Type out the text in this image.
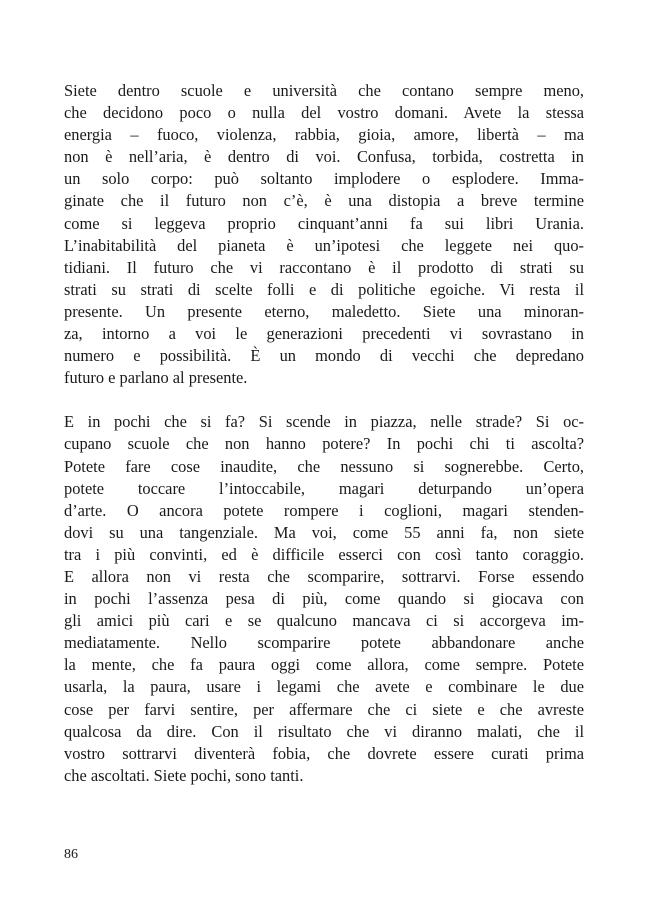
Siete dentro scuole e università che contano sempre meno,
che decidono poco o nulla del vostro domani. Avete la stessa
energia – fuoco, violenza, rabbia, gioia, amore, libertà – ma
non è nell’aria, è dentro di voi. Confusa, torbida, costretta in
un solo corpo: può soltanto implodere o esplodere. Imma-
ginate che il futuro non c’è, è una distopia a breve termine
come si leggeva proprio cinquant’anni fa sui libri Urania.
L’inabitabilità del pianeta è un’ipotesi che leggete nei quo-
tidiani. Il futuro che vi raccontano è il prodotto di strati su
strati su strati di scelte folli e di politiche egoiche. Vi resta il
presente. Un presente eterno, maledetto. Siete una minoran-
za, intorno a voi le generazioni precedenti vi sovrastano in
numero e possibilità. È un mondo di vecchi che depredano
futuro e parlano al presente.
E in pochi che si fa? Si scende in piazza, nelle strade? Si oc-
cupano scuole che non hanno potere? In pochi chi ti ascolta?
Potete fare cose inaudite, che nessuno si sognerebbe. Certo,
potete toccare l’intoccabile, magari deturpando un’opera
d’arte. O ancora potete rompere i coglioni, magari stenden-
dovi su una tangenziale. Ma voi, come 55 anni fa, non siete
tra i più convinti, ed è difficile esserci con così tanto coraggio.
E allora non vi resta che scomparire, sottrarvi. Forse essendo
in pochi l’assenza pesa di più, come quando si giocava con
gli amici più cari e se qualcuno mancava ci si accorgeva im-
mediatamente. Nello scomparire potete abbandonare anche
la mente, che fa paura oggi come allora, come sempre. Potete
usarla, la paura, usare i legami che avete e combinare le due
cose per farvi sentire, per affermare che ci siete e che avreste
qualcosa da dire. Con il risultato che vi diranno malati, che il
vostro sottrarvi diventerà fobia, che dovrete essere curati prima
che ascoltati. Siete pochi, sono tanti.
86
